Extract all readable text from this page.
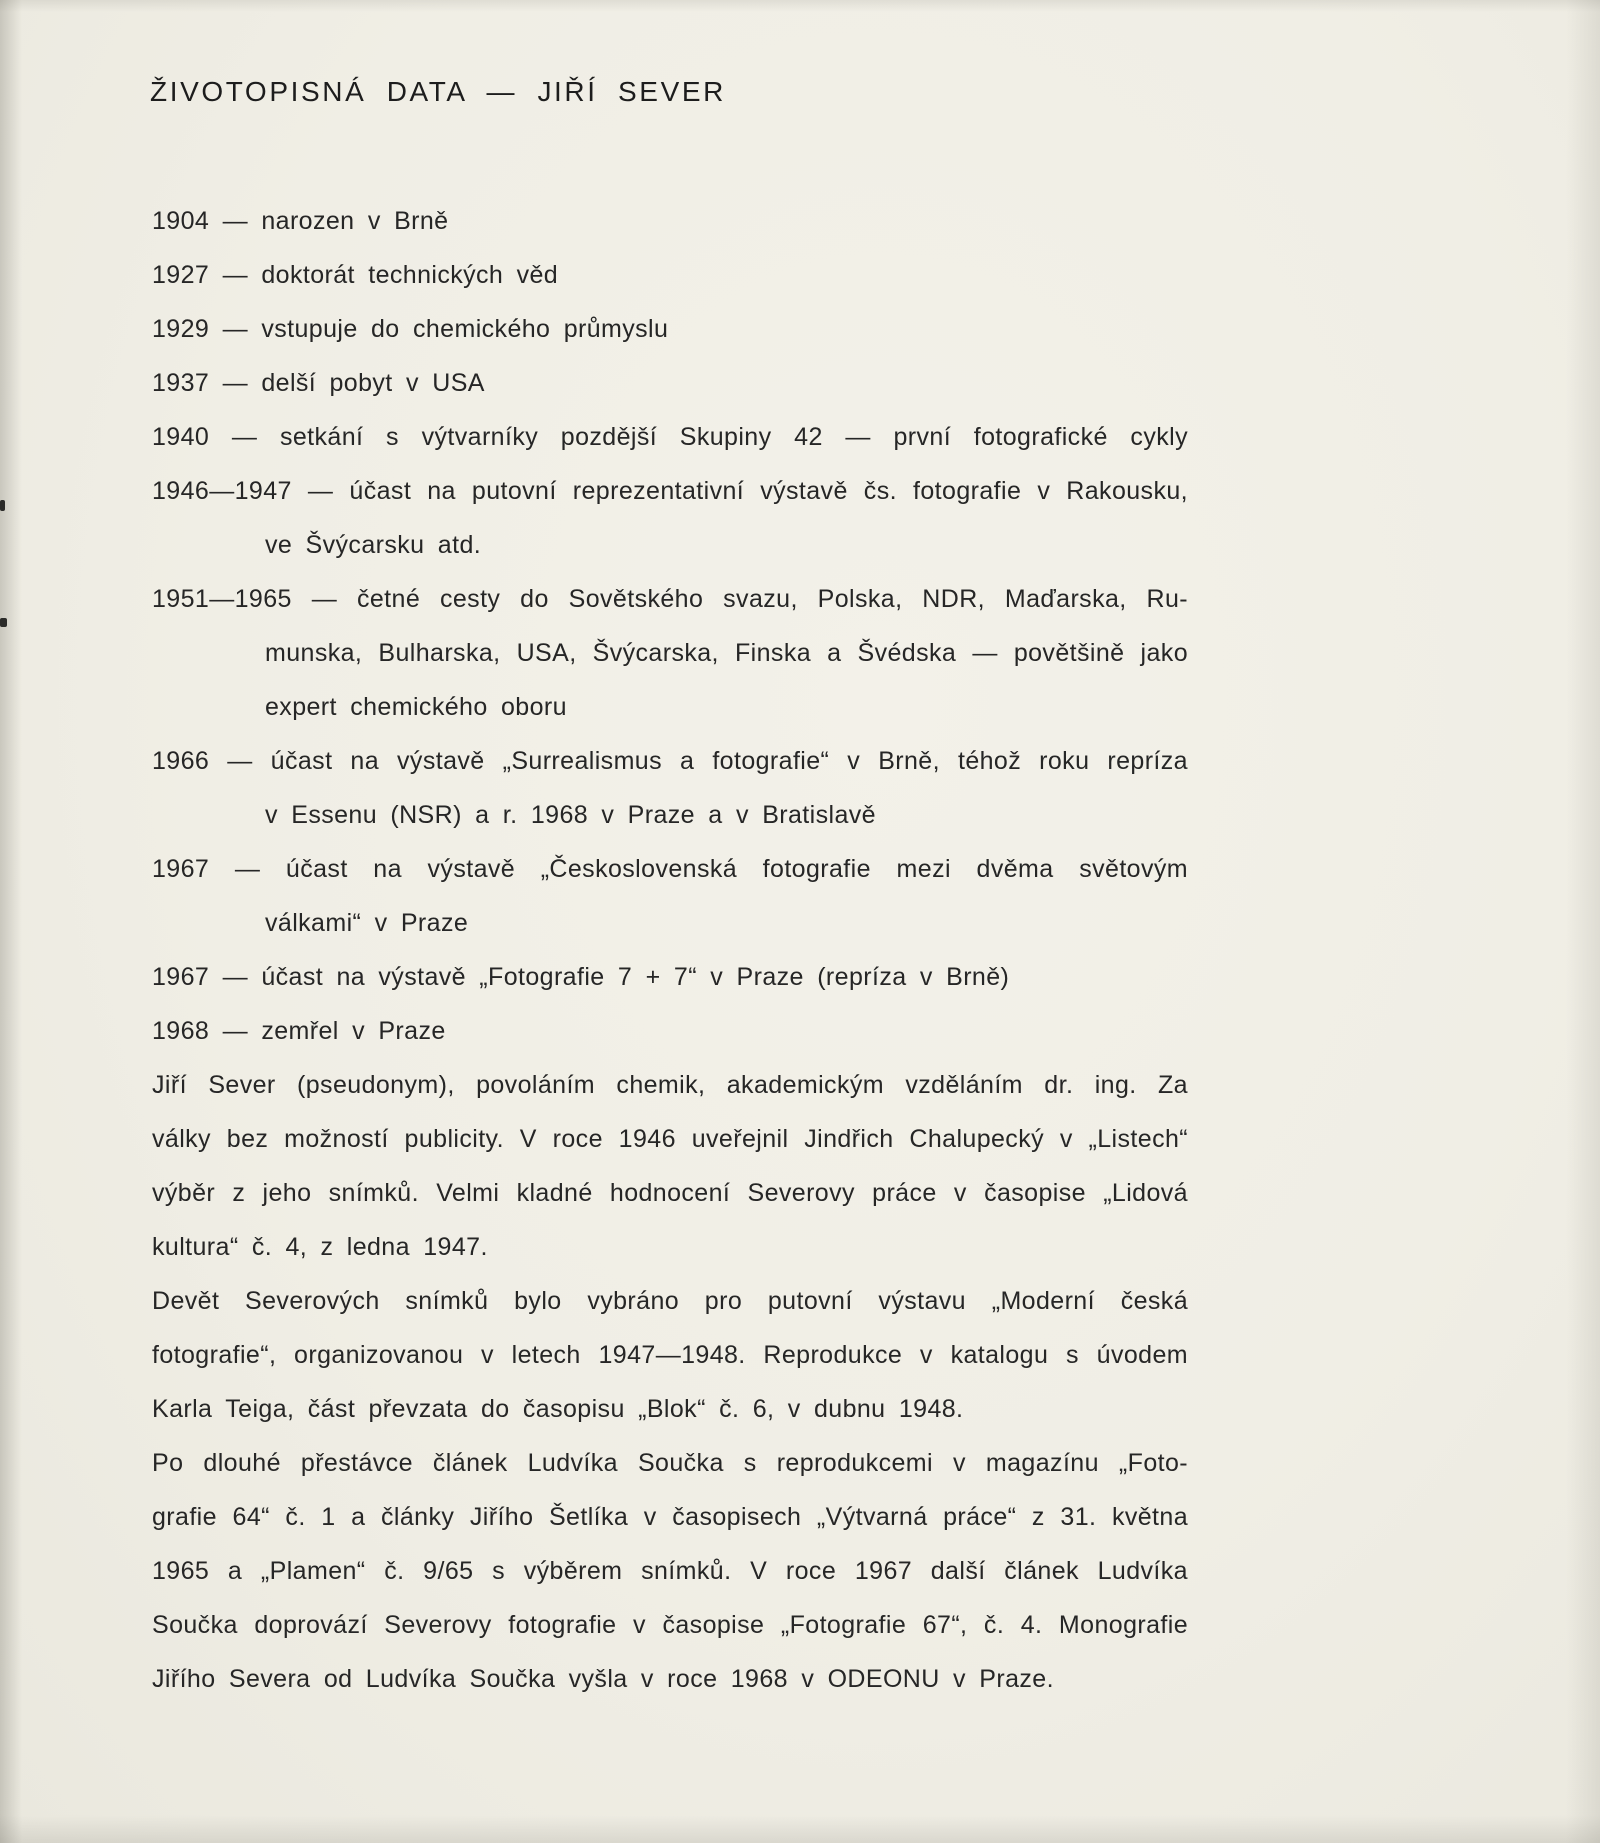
ŽIVOTOPISNÁ DATA — JIŘÍ SEVER
1904 — narozen v Brně
1927 — doktorát technických věd
1929 — vstupuje do chemického průmyslu
1937 — delší pobyt v USA
1940 — setkání s výtvarníky pozdější Skupiny 42 — první fotografické cykly
1946—1947 — účast na putovní reprezentativní výstavě čs. fotografie v Rakousku,
ve Švýcarsku atd.
1951—1965 — četné cesty do Sovětského svazu, Polska, NDR, Maďarska, Ru-
munska, Bulharska, USA, Švýcarska, Finska a Švédska — povětšině jako
expert chemického oboru
1966 — účast na výstavě „Surrealismus a fotografie“ v Brně, téhož roku repríza
v Essenu (NSR) a r. 1968 v Praze a v Bratislavě
1967 — účast na výstavě „Československá fotografie mezi dvěma světovým
válkami“ v Praze
1967 — účast na výstavě „Fotografie 7 + 7“ v Praze (repríza v Brně)
1968 — zemřel v Praze
Jiří Sever (pseudonym), povoláním chemik, akademickým vzděláním dr. ing. Za
války bez možností publicity. V roce 1946 uveřejnil Jindřich Chalupecký v „Listech“
výběr z jeho snímků. Velmi kladné hodnocení Severovy práce v časopise „Lidová
kultura“ č. 4, z ledna 1947.
Devět Severových snímků bylo vybráno pro putovní výstavu „Moderní česká
fotografie“, organizovanou v letech 1947—1948. Reprodukce v katalogu s úvodem
Karla Teiga, část převzata do časopisu „Blok“ č. 6, v dubnu 1948.
Po dlouhé přestávce článek Ludvíka Součka s reprodukcemi v magazínu „Foto-
grafie 64“ č. 1 a články Jiřího Šetlíka v časopisech „Výtvarná práce“ z 31. května
1965 a „Plamen“ č. 9/65 s výběrem snímků. V roce 1967 další článek Ludvíka
Součka doprovází Severovy fotografie v časopise „Fotografie 67“, č. 4. Monografie
Jiřího Severa od Ludvíka Součka vyšla v roce 1968 v ODEONU v Praze.
